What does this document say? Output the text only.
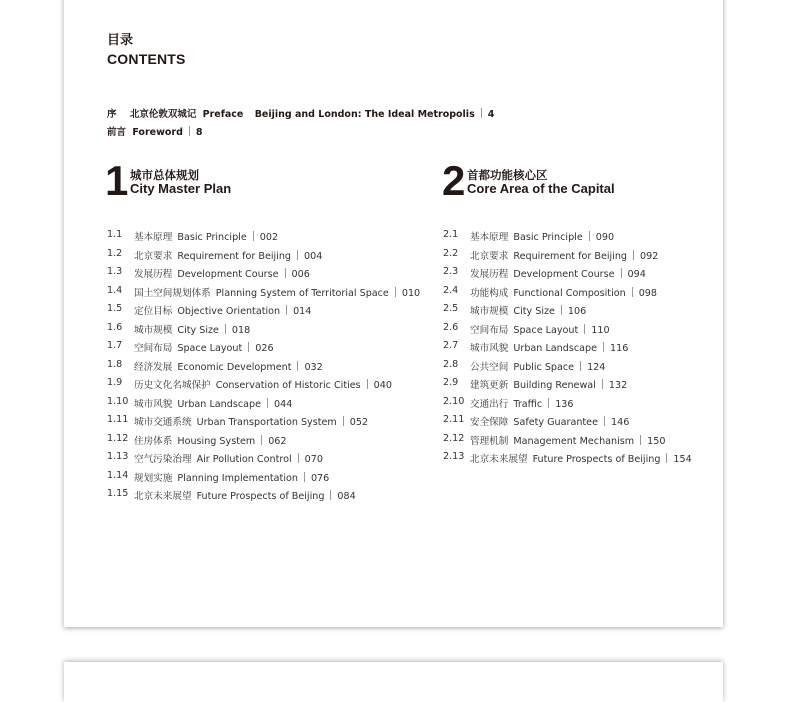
目录
CONTENTS
序 北京伦敦双城记 Preface Beijing and London: The Ideal Metropolis 4
前言 Foreword 8
1 城市总体规划
City Master Plan	2 首都功能核心区
Core Area of the Capital
1.1 基本原理 Basic Principle 002
1.2 北京要求 Requirement for Beijing 004
1.3 发展历程 Development Course 006
1.4 国土空间规划体系 Planning System of Territorial Space 010
1.5 定位目标 Objective Orientation 014
1.6 城市规模 City Size 018
1.7 空间布局 Space Layout 026
1.8 经济发展 Economic Development 032
1.9 历史文化名城保护 Conservation of Historic Cities 040
1.10 城市风貌 Urban Landscape 044
1.11 城市交通系统 Urban Transportation System 052
1.12 住房体系 Housing System 062
1.13 空气污染治理 Air Pollution Control 070
1.14 规划实施 Planning Implementation 076
1.15 北京未来展望 Future Prospects of Beijing 084
2.1 基本原理 Basic Principle 090
2.2 北京要求 Requirement for Beijing 092
2.3 发展历程 Development Course 094
2.4 功能构成 Functional Composition 098
2.5 城市规模 City Size 106
2.6 空间布局 Space Layout 110
2.7 城市风貌 Urban Landscape 116
2.8 公共空间 Public Space 124
2.9 建筑更新 Building Renewal 132
2.10 交通出行 Traffic 136
2.11 安全保障 Safety Guarantee 146
2.12 管理机制 Management Mechanism 150
2.13 北京未来展望 Future Prospects of Beijing 154
